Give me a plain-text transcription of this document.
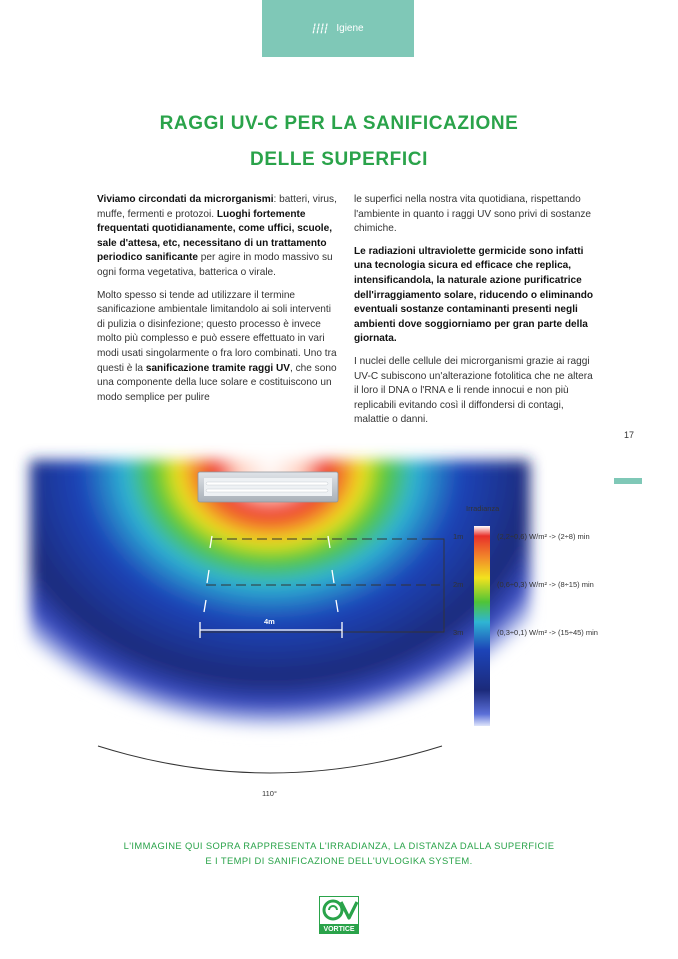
Igiene
RAGGI UV-C PER LA SANIFICAZIONE
DELLE SUPERFICI

Viviamo circondati da microrganismi: batteri, virus, muffe, fermenti e protozoi. Luoghi fortemente frequentati quotidianamente, come uffici, scuole, sale d'attesa, etc, necessitano di un trattamento periodico sanificante per agire in modo massivo su ogni forma vegetativa, batterica o virale.

Molto spesso si tende ad utilizzare il termine sanificazione ambientale limitandolo ai soli interventi di pulizia o disinfezione; questo processo è invece molto più complesso e può essere effettuato in vari modi usati singolarmente o fra loro combinati. Uno tra questi è la sanificazione tramite raggi UV, che sono una componente della luce solare e costituiscono un modo semplice per pulire

le superfici nella nostra vita quotidiana, rispettando l'ambiente in quanto i raggi UV sono privi di sostanze chimiche.

Le radiazioni ultraviolette germicide sono infatti una tecnologia sicura ed efficace che replica, intensificandola, la naturale azione purificatrice dell'irraggiamento solare, riducendo o eliminando eventuali sostanze contaminanti presenti negli ambienti dove soggiorniamo per gran parte della giornata.

I nuclei delle cellule dei microrganismi grazie ai raggi UV-C subiscono un'alterazione fotolitica che ne altera il loro il DNA o l'RNA e li rende innocui e non più replicabili evitando così il diffondersi di contagi, malattie o danni.

17
Irradianza
1m
2m
3m
(2,2÷0,6) W/m² -> (2÷8) min
(0,6÷0,3) W/m² -> (8÷15) min
(0,3÷0,1) W/m² -> (15÷45) min
4m
110°
L'IMMAGINE QUI SOPRA RAPPRESENTA L'IRRADIANZA, LA DISTANZA DALLA SUPERFICIE
E I TEMPI DI SANIFICAZIONE DELL'UVLOGIKA SYSTEM.
VORTICE
